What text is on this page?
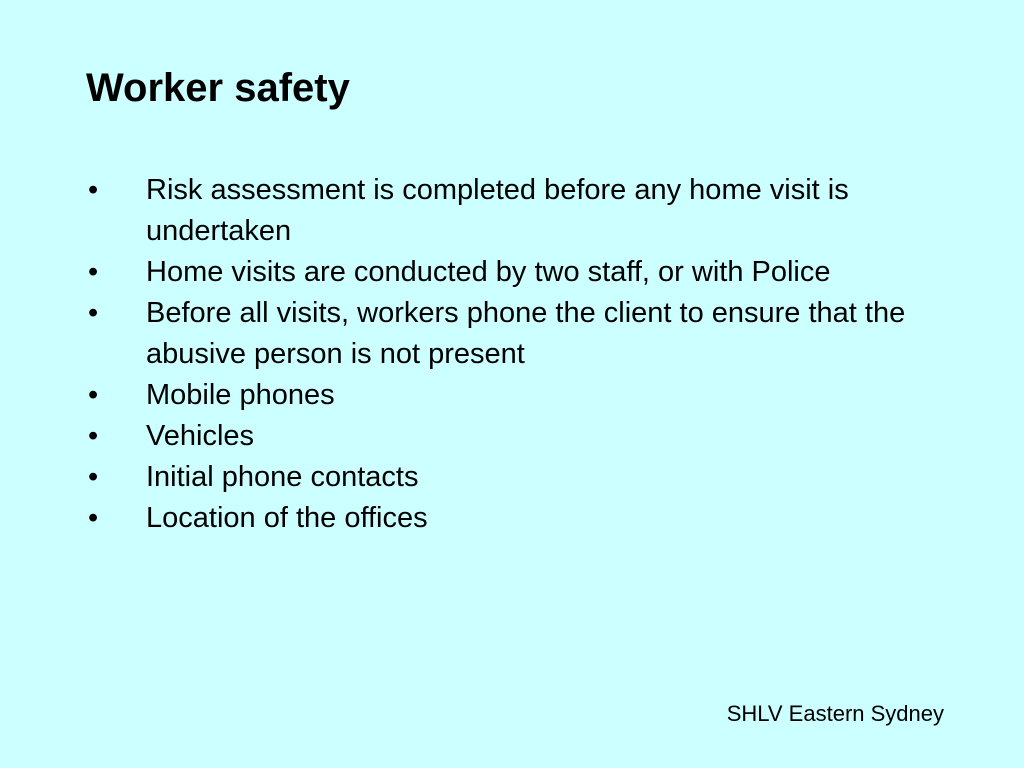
Worker safety
•	Risk assessment is completed before any home visit is undertaken
•	Home visits are conducted by two staff, or with Police
•	Before all visits, workers phone the client to ensure that the abusive person is not present
•	Mobile phones
•	Vehicles
•	Initial phone contacts
•	Location of the offices
SHLV Eastern Sydney
